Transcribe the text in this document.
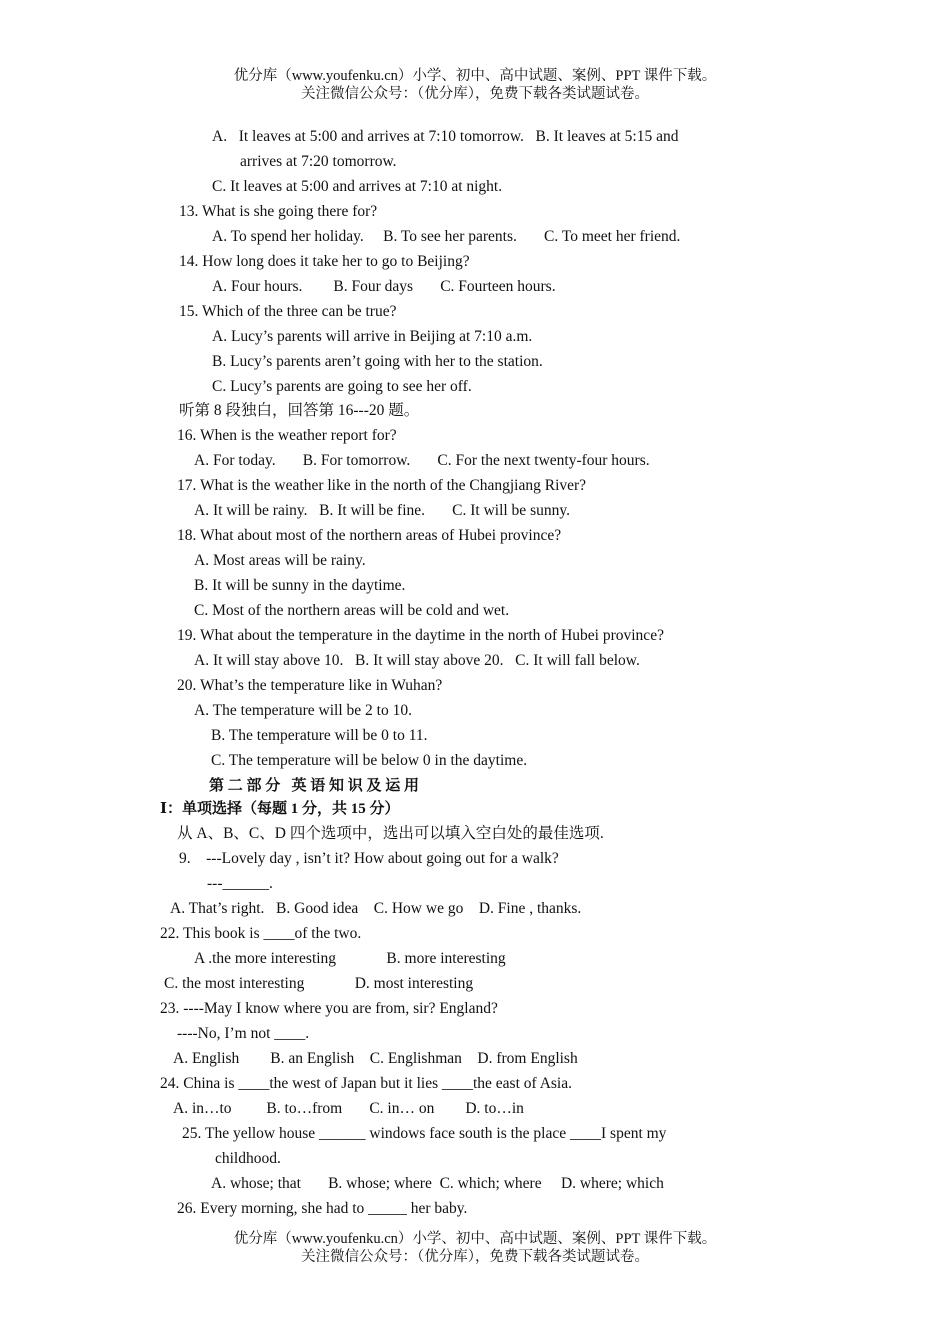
优分库（www.youfenku.cn）小学、初中、高中试题、案例、PPT 课件下载。
关注微信公众号：（优分库），免费下载各类试题试卷。
A.   It leaves at 5:00 and arrives at 7:10 tomorrow.   B. It leaves at 5:15 and
arrives at 7:20 tomorrow.
C. It leaves at 5:00 and arrives at 7:10 at night.
13. What is she going there for?
A. To spend her holiday.     B. To see her parents.       C. To meet her friend.
14. How long does it take her to go to Beijing?
A. Four hours.        B. Four days       C. Fourteen hours.
15. Which of the three can be true?
A. Lucy’s parents will arrive in Beijing at 7:10 a.m.
B. Lucy’s parents aren’t going with her to the station.
C. Lucy’s parents are going to see her off.
听第 8 段独白，回答第 16---20 题。
16. When is the weather report for?
A. For today.       B. For tomorrow.       C. For the next twenty-four hours.
17. What is the weather like in the north of the Changjiang River?
A. It will be rainy.   B. It will be fine.       C. It will be sunny.
18. What about most of the northern areas of Hubei province?
A. Most areas will be rainy.
B. It will be sunny in the daytime.
C. Most of the northern areas will be cold and wet.
19. What about the temperature in the daytime in the north of Hubei province?
A. It will stay above 10.   B. It will stay above 20.   C. It will fall below.
20. What’s the temperature like in Wuhan?
A. The temperature will be 2 to 10.
B. The temperature will be 0 to 11.
C. The temperature will be below 0 in the daytime.
第 二 部 分   英 语 知 识 及 运 用
Ⅰ：单项选择（每题 1 分，共 15 分）
从 A、B、C、D 四个选项中，选出可以填入空白处的最佳选项.
9.    ---Lovely day , isn’t it? How about going out for a walk?
---______.
A. That’s right.   B. Good idea    C. How we go    D. Fine , thanks.
22. This book is ____of the two.
A .the more interesting             B. more interesting
C. the most interesting             D. most interesting
23. ----May I know where you are from, sir? England?
----No, I’m not ____.
A. English        B. an English    C. Englishman    D. from English
24. China is ____the west of Japan but it lies ____the east of Asia.
A. in…to         B. to…from       C. in… on        D. to…in
25. The yellow house ______ windows face south is the place ____I spent my
childhood.
A. whose; that       B. whose; where  C. which; where     D. where; which
26. Every morning, she had to _____ her baby.
优分库（www.youfenku.cn）小学、初中、高中试题、案例、PPT 课件下载。
关注微信公众号：（优分库），免费下载各类试题试卷。
